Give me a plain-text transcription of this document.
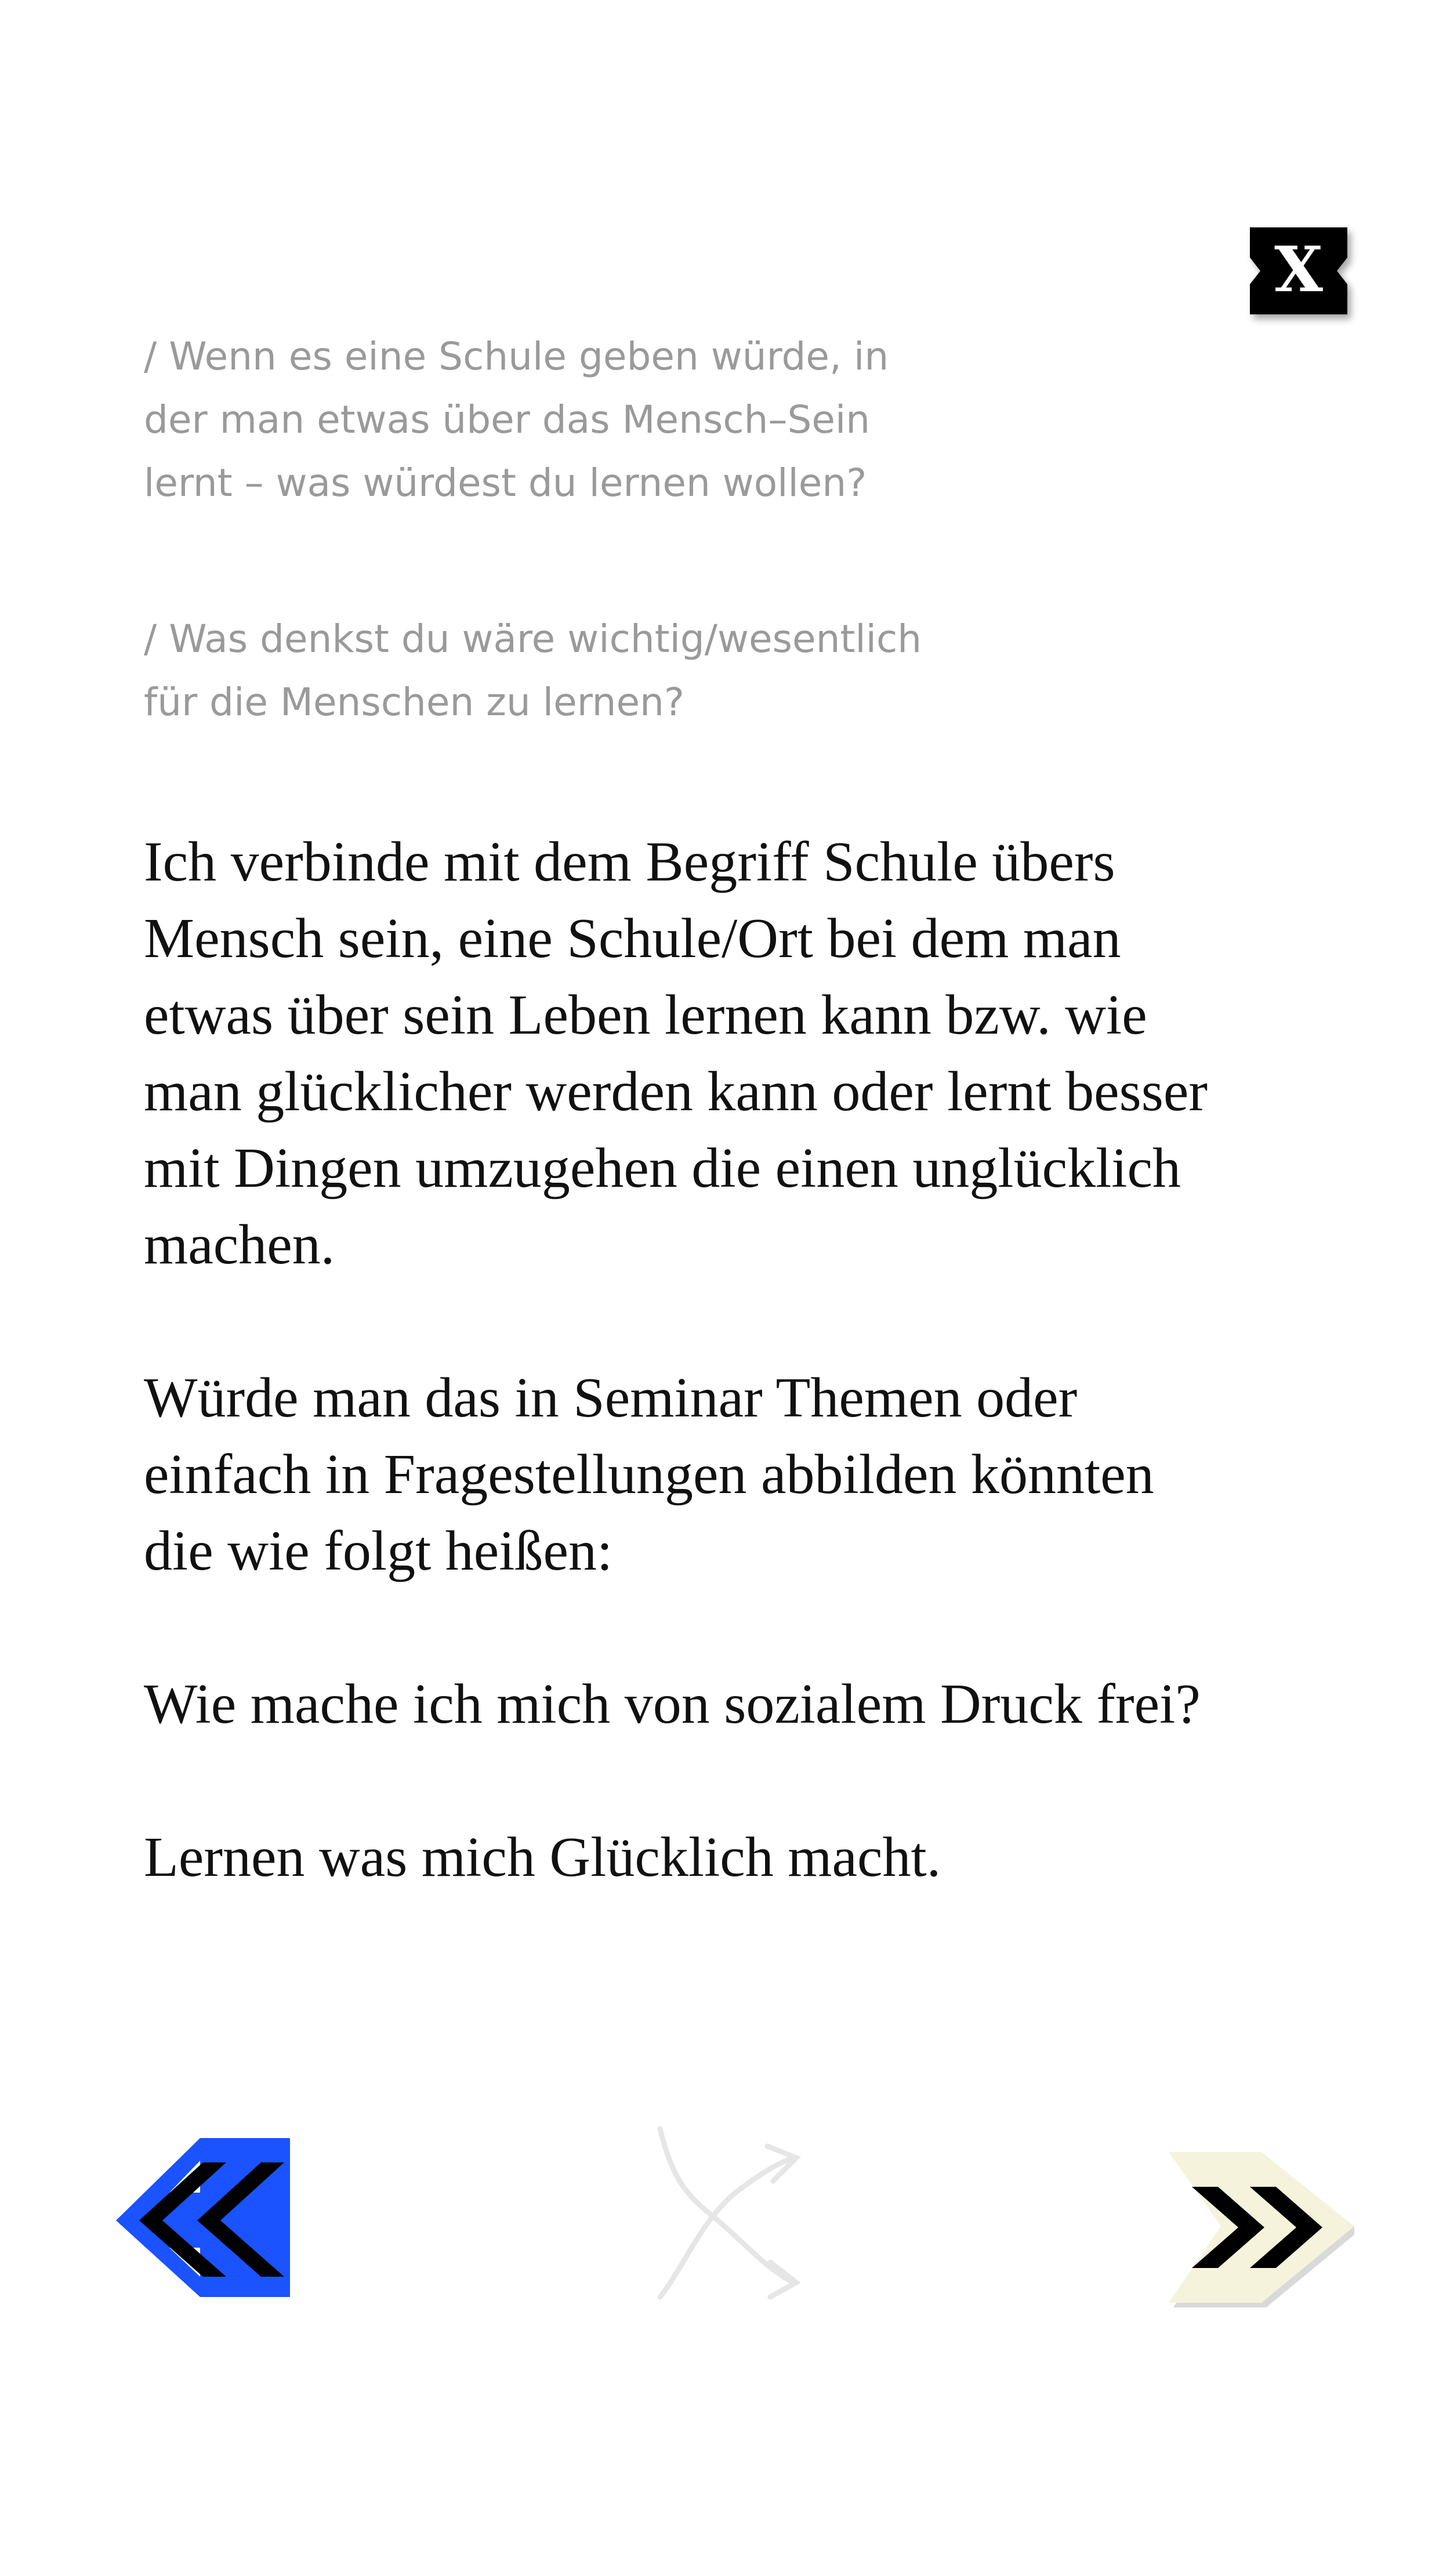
X

/ Wenn es eine Schule geben würde, in
der man etwas über das Mensch–Sein
lernt – was würdest du lernen wollen?

/ Was denkst du wäre wichtig/wesentlich
für die Menschen zu lernen?

Ich verbinde mit dem Begriff Schule übers
Mensch sein, eine Schule/Ort bei dem man
etwas über sein Leben lernen kann bzw. wie
man glücklicher werden kann oder lernt besser
mit Dingen umzugehen die einen unglücklich
machen.

Würde man das in Seminar Themen oder
einfach in Fragestellungen abbilden könnten
die wie folgt heißen:

Wie mache ich mich von sozialem Druck frei?

Lernen was mich Glücklich macht.
